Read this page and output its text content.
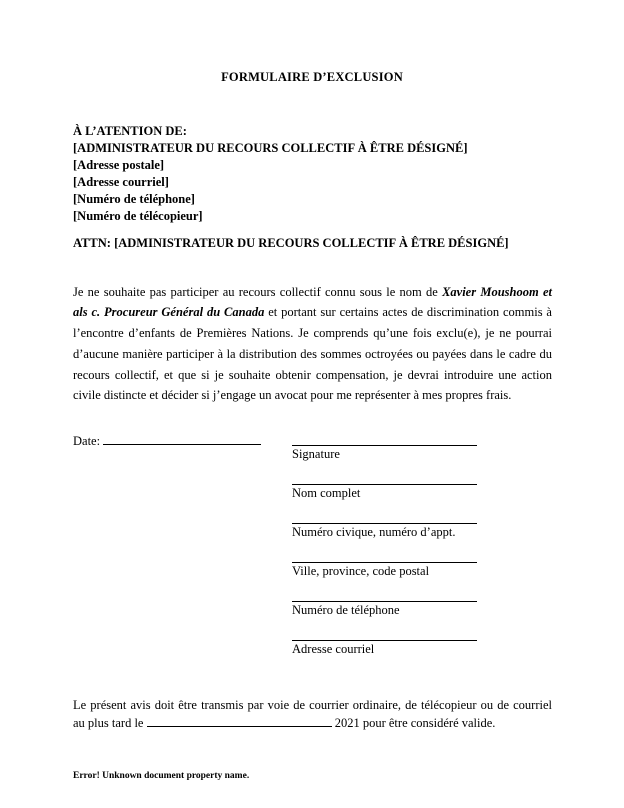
FORMULAIRE D’EXCLUSION
À L’ATENTION DE:
[ADMINISTRATEUR DU RECOURS COLLECTIF À ÊTRE DÉSIGNÉ]
[Adresse postale]
[Adresse courriel]
[Numéro de téléphone]
[Numéro de télécopieur]
ATTN: [ADMINISTRATEUR DU RECOURS COLLECTIF À ÊTRE DÉSIGNÉ]

Je ne souhaite pas participer au recours collectif connu sous le nom de Xavier Moushoom et als c. Procureur Général du Canada et portant sur certains actes de discrimination commis à l’encontre d’enfants de Premières Nations. Je comprends qu’une fois exclu(e), je ne pourrai d’aucune manière participer à la distribution des sommes octroyées ou payées dans le cadre du recours collectif, et que si je souhaite obtenir compensation, je devrai introduire une action civile distincte et décider si j’engage un avocat pour me représenter à mes propres frais.

Date:
Signature
Nom complet
Numéro civique, numéro d’appt.
Ville, province, code postal
Numéro de téléphone
Adresse courriel

Le présent avis doit être transmis par voie de courrier ordinaire, de télécopieur ou de courriel au plus tard le	2021 pour être considéré valide.

Error! Unknown document property name.
